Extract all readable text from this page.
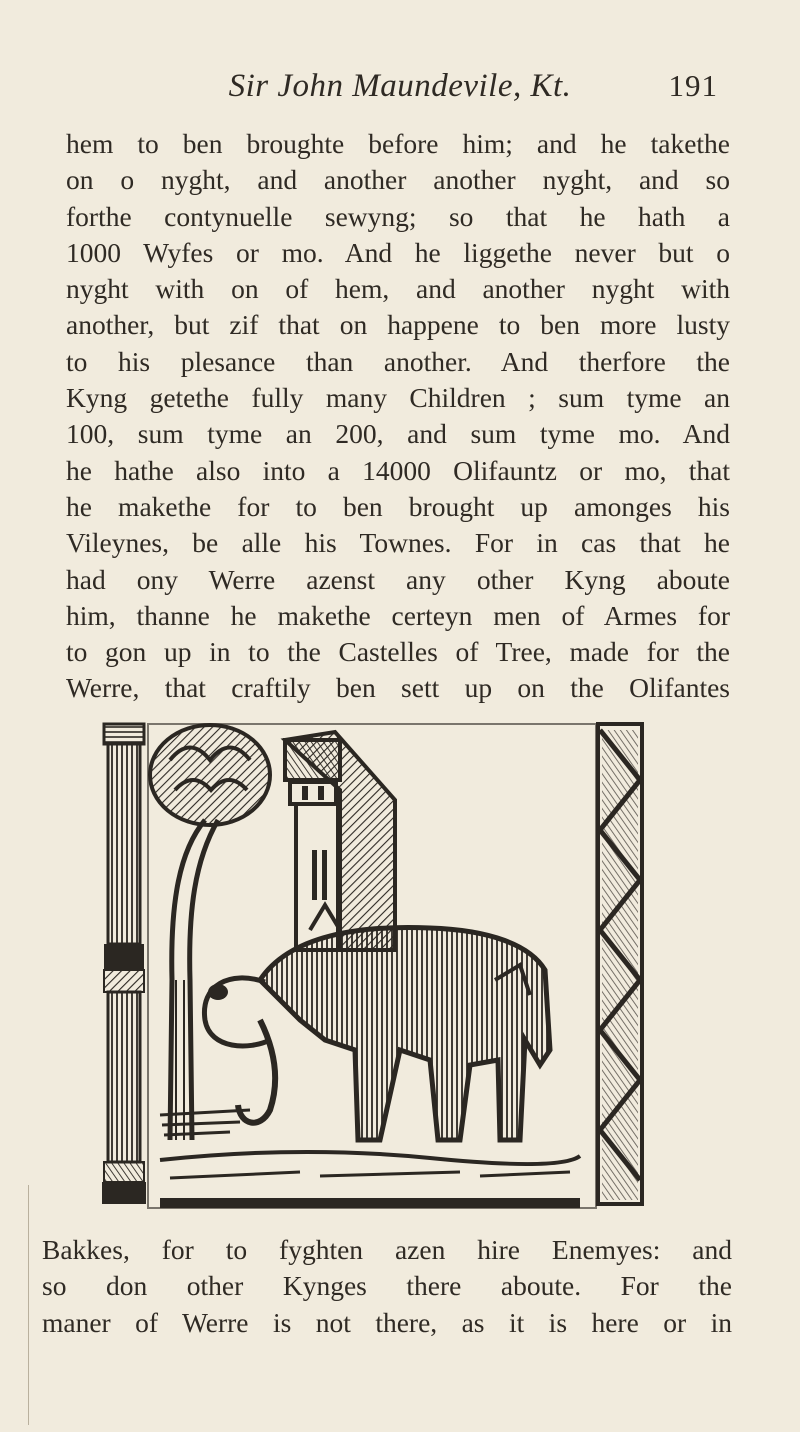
Sir John Maundevile, Kt.	191
hem to ben broughte before him; and he takethe
on o nyght, and another another nyght, and so
forthe contynuelle sewyng; so that he hath a
1000 Wyfes or mo. And he liggethe never but o
nyght with on of hem, and another nyght with
another, but zif that on happene to ben more lusty
to his plesance than another. And therfore the
Kyng getethe fully many Children ; sum tyme an
100, sum tyme an 200, and sum tyme mo. And
he hathe also into a 14000 Olifauntz or mo, that
he makethe for to ben brought up amonges his
Vileynes, be alle his Townes. For in cas that he
had ony Werre azenst any other Kyng aboute
him, thanne he makethe certeyn men of Armes for
to gon up in to the Castelles of Tree, made for the
Werre, that craftily ben sett up on the Olifantes
Bakkes, for to fyghten azen hire Enemyes: and
so don other Kynges there aboute. For the
maner of Werre is not there, as it is here or in
